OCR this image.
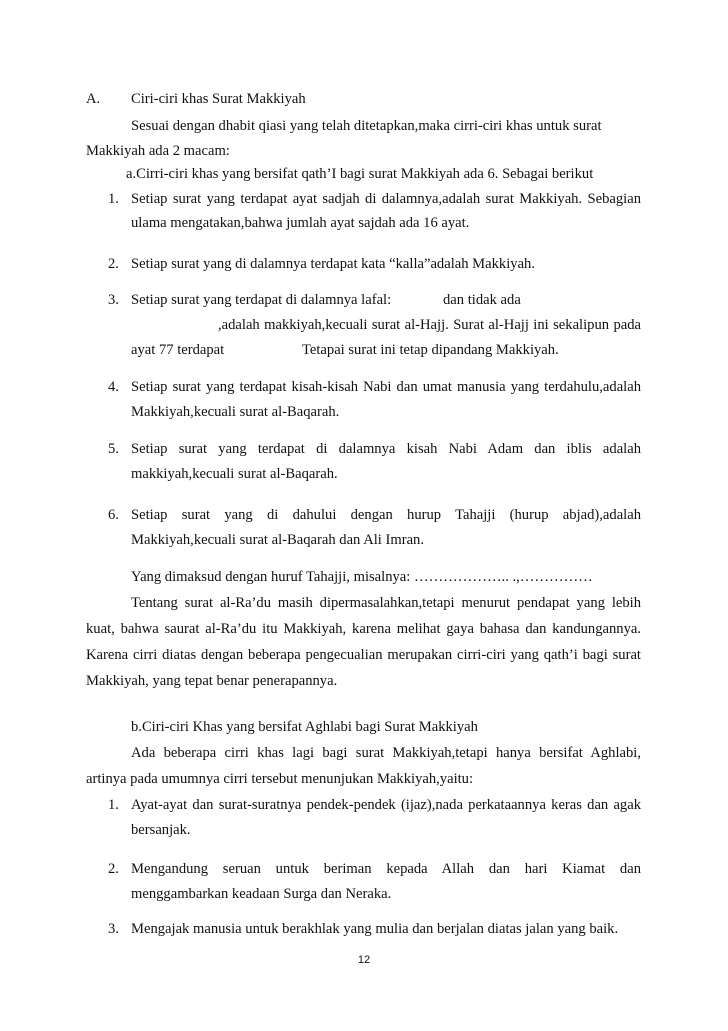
A. Ciri-ciri khas Surat Makkiyah
Sesuai dengan dhabit qiasi yang telah ditetapkan,maka cirri-ciri khas untuk surat
Makkiyah ada 2 macam:
a.Cirri-ciri khas yang bersifat qath’I bagi surat Makkiyah ada 6. Sebagai berikut
1. Setiap surat yang terdapat ayat sadjah di dalamnya,adalah surat Makkiyah. Sebagian
ulama mengatakan,bahwa jumlah ayat sajdah ada 16 ayat.
2. Setiap surat yang di dalamnya terdapat kata “kalla”adalah Makkiyah.
3. Setiap surat yang terdapat di dalamnya lafal:	dan tidak ada
,adalah makkiyah,kecuali surat al-Hajj. Surat al-Hajj ini sekalipun pada
ayat 77 terdapat	Tetapai surat ini tetap dipandang Makkiyah.
4. Setiap surat yang terdapat kisah-kisah Nabi dan umat manusia yang terdahulu,adalah
Makkiyah,kecuali surat al-Baqarah.
5. Setiap surat yang terdapat di dalamnya kisah Nabi Adam dan iblis adalah
makkiyah,kecuali surat al-Baqarah.
6. Setiap surat yang di dahului dengan hurup Tahajji (hurup abjad),adalah
Makkiyah,kecuali surat al-Baqarah dan Ali Imran.
Yang dimaksud dengan huruf Tahajji, misalnya: ……………….. .,……………
Tentang surat al-Ra’du masih dipermasalahkan,tetapi menurut pendapat yang lebih
kuat, bahwa saurat al-Ra’du itu Makkiyah, karena melihat gaya bahasa dan kandungannya.
Karena cirri diatas dengan beberapa pengecualian merupakan cirri-ciri yang qath’i bagi surat
Makkiyah, yang tepat benar penerapannya.
b.Ciri-ciri Khas yang bersifat Aghlabi bagi Surat Makkiyah
Ada beberapa cirri khas lagi bagi surat Makkiyah,tetapi hanya bersifat Aghlabi,
artinya pada umumnya cirri tersebut menunjukan Makkiyah,yaitu:
1. Ayat-ayat dan surat-suratnya pendek-pendek (ijaz),nada perkataannya keras dan agak
bersanjak.
2. Mengandung seruan untuk beriman kepada Allah dan hari Kiamat dan
menggambarkan keadaan Surga dan Neraka.
3. Mengajak manusia untuk berakhlak yang mulia dan berjalan diatas jalan yang baik.
12
